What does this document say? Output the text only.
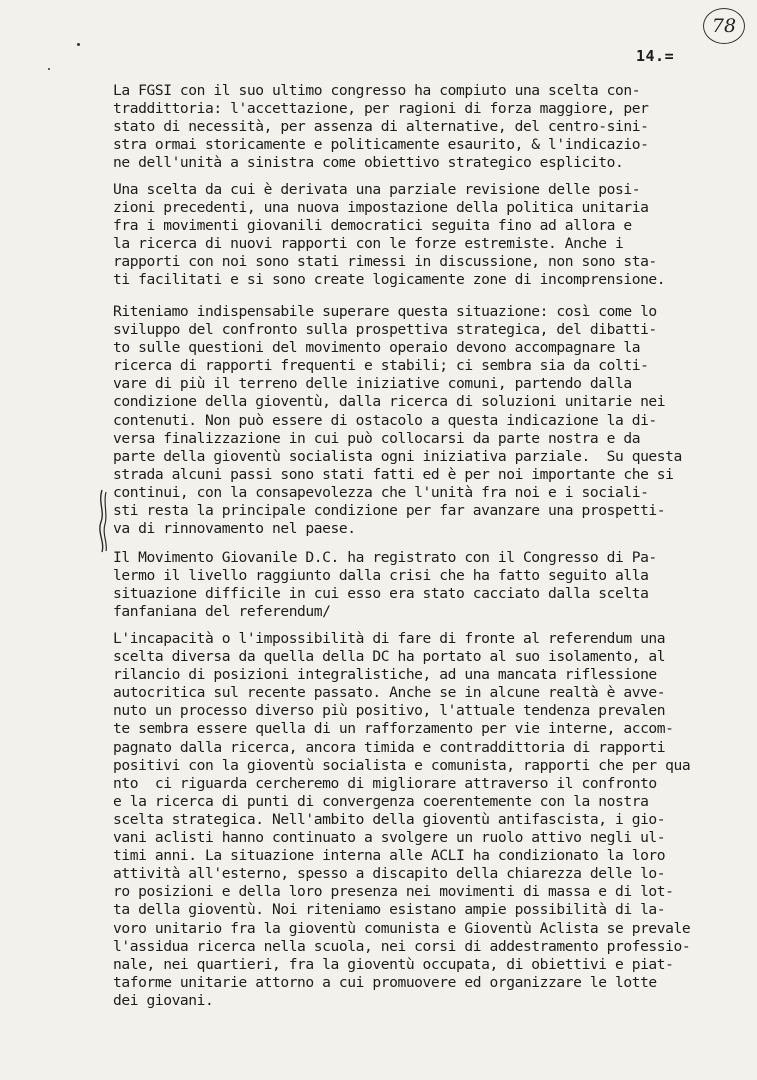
78
14.=

La FGSI con il suo ultimo congresso ha compiuto una scelta con-
traddittoria: l'accettazione, per ragioni di forza maggiore, per
stato di necessità, per assenza di alternative, del centro-sini-
stra ormai storicamente e politicamente esaurito, & l'indicazio-
ne dell'unità a sinistra come obiettivo strategico esplicito.

Una scelta da cui è derivata una parziale revisione delle posi-
zioni precedenti, una nuova impostazione della politica unitaria
fra i movimenti giovanili democratici seguita fino ad allora e
la ricerca di nuovi rapporti con le forze estremiste. Anche i
rapporti con noi sono stati rimessi in discussione, non sono sta-
ti facilitati e si sono create logicamente zone di incomprensione.

Riteniamo indispensabile superare questa situazione: così come lo
sviluppo del confronto sulla prospettiva strategica, del dibatti-
to sulle questioni del movimento operaio devono accompagnare la
ricerca di rapporti frequenti e stabili; ci sembra sia da colti-
vare di più il terreno delle iniziative comuni, partendo dalla
condizione della gioventù, dalla ricerca di soluzioni unitarie nei
contenuti. Non può essere di ostacolo a questa indicazione la di-
versa finalizzazione in cui può collocarsi da parte nostra e da
parte della gioventù socialista ogni iniziativa parziale.  Su questa
strada alcuni passi sono stati fatti ed è per noi importante che si
continui, con la consapevolezza che l'unità fra noi e i sociali-
sti resta la principale condizione per far avanzare una prospetti-
va di rinnovamento nel paese.

Il Movimento Giovanile D.C. ha registrato con il Congresso di Pa-
lermo il livello raggiunto dalla crisi che ha fatto seguito alla
situazione difficile in cui esso era stato cacciato dalla scelta
fanfaniana del referendum/

L'incapacità o l'impossibilità di fare di fronte al referendum una
scelta diversa da quella della DC ha portato al suo isolamento, al
rilancio di posizioni integralistiche, ad una mancata riflessione
autocritica sul recente passato. Anche se in alcune realtà è avve-
nuto un processo diverso più positivo, l'attuale tendenza prevalen
te sembra essere quella di un rafforzamento per vie interne, accom-
pagnato dalla ricerca, ancora timida e contraddittoria di rapporti
positivi con la gioventù socialista e comunista, rapporti che per qua
nto  ci riguarda cercheremo di migliorare attraverso il confronto
e la ricerca di punti di convergenza coerentemente con la nostra
scelta strategica. Nell'ambito della gioventù antifascista, i gio-
vani aclisti hanno continuato a svolgere un ruolo attivo negli ul-
timi anni. La situazione interna alle ACLI ha condizionato la loro
attività all'esterno, spesso a discapito della chiarezza delle lo-
ro posizioni e della loro presenza nei movimenti di massa e di lot-
ta della gioventù. Noi riteniamo esistano ampie possibilità di la-
voro unitario fra la gioventù comunista e Gioventù Aclista se prevale
l'assidua ricerca nella scuola, nei corsi di addestramento professio-
nale, nei quartieri, fra la gioventù occupata, di obiettivi e piat-
taforme unitarie attorno a cui promuovere ed organizzare le lotte
dei giovani.
